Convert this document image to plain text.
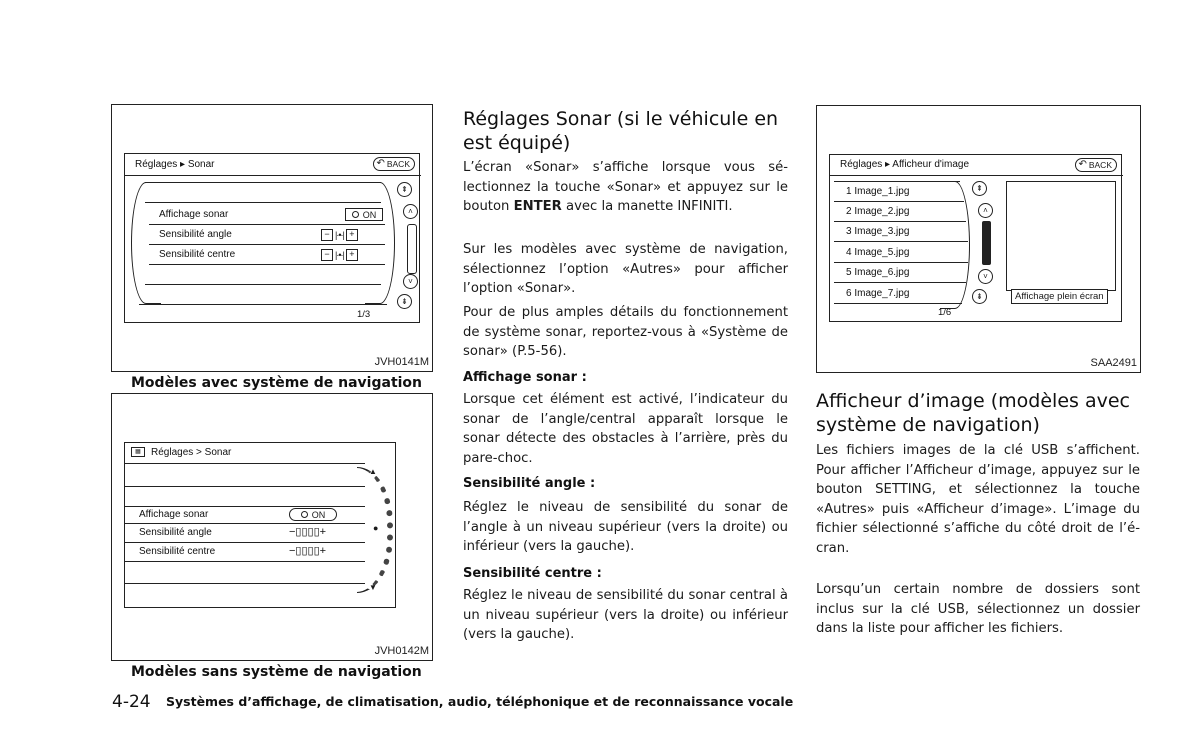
Réglages ▸ Sonar	↶ BACK
Affichage sonar	ON
Sensibilité angle	− |·•·| +
Sensibilité centre	− |·•·| +
⇞
˄
˅
⇟
1/3
JVH0141M
Modèles avec système de navigation
▦	Réglages > Sonar
Affichage sonar	ON
Sensibilité angle	−▯▯▯▯+
Sensibilité centre	−▯▯▯▯+
▲
●
▼
JVH0142M
Modèles sans système de navigation
Réglages Sonar (si le véhicule en est équipé)

L’écran «Sonar» s’affiche lorsque vous sélectionnez la touche «Sonar» et appuyez sur le bouton ENTER avec la manette INFINITI.

Sur les modèles avec système de navigation, sélectionnez l’option «Autres» pour afficher l’option «Sonar».

Pour de plus amples détails du fonctionnement de système sonar, reportez-vous à «Système de sonar» (P.5-56).

Affichage sonar :

Lorsque cet élément est activé, l’indicateur du sonar de l’angle/central apparaît lorsque le sonar détecte des obstacles à l’arrière, près du pare-choc.

Sensibilité angle :

Réglez le niveau de sensibilité du sonar de l’angle à un niveau supérieur (vers la droite) ou inférieur (vers la gauche).

Sensibilité centre :

Réglez le niveau de sensibilité du sonar central à un niveau supérieur (vers la droite) ou inférieur (vers la gauche).

Réglages ▸ Afficheur d'image	↶ BACK
1 Image_1.jpg
2 Image_2.jpg
3 Image_3.jpg
4 Image_5.jpg
5 Image_6.jpg
6 Image_7.jpg
⇞
˄
˅
⇟	Affichage plein écran
1/6
SAA2491
Afficheur d’image (modèles avec système de navigation)

Les fichiers images de la clé USB s’affichent. Pour afficher l’Afficheur d’image, appuyez sur le bouton SETTING, et sélectionnez la touche «Autres» puis «Afficheur d’image». L’image du fichier sélectionné s’affiche du côté droit de l’écran.

Lorsqu’un certain nombre de dossiers sont inclus sur la clé USB, sélectionnez un dossier dans la liste pour afficher les fichiers.

4-24 Systèmes d’affichage, de climatisation, audio, téléphonique et de reconnaissance vocale
